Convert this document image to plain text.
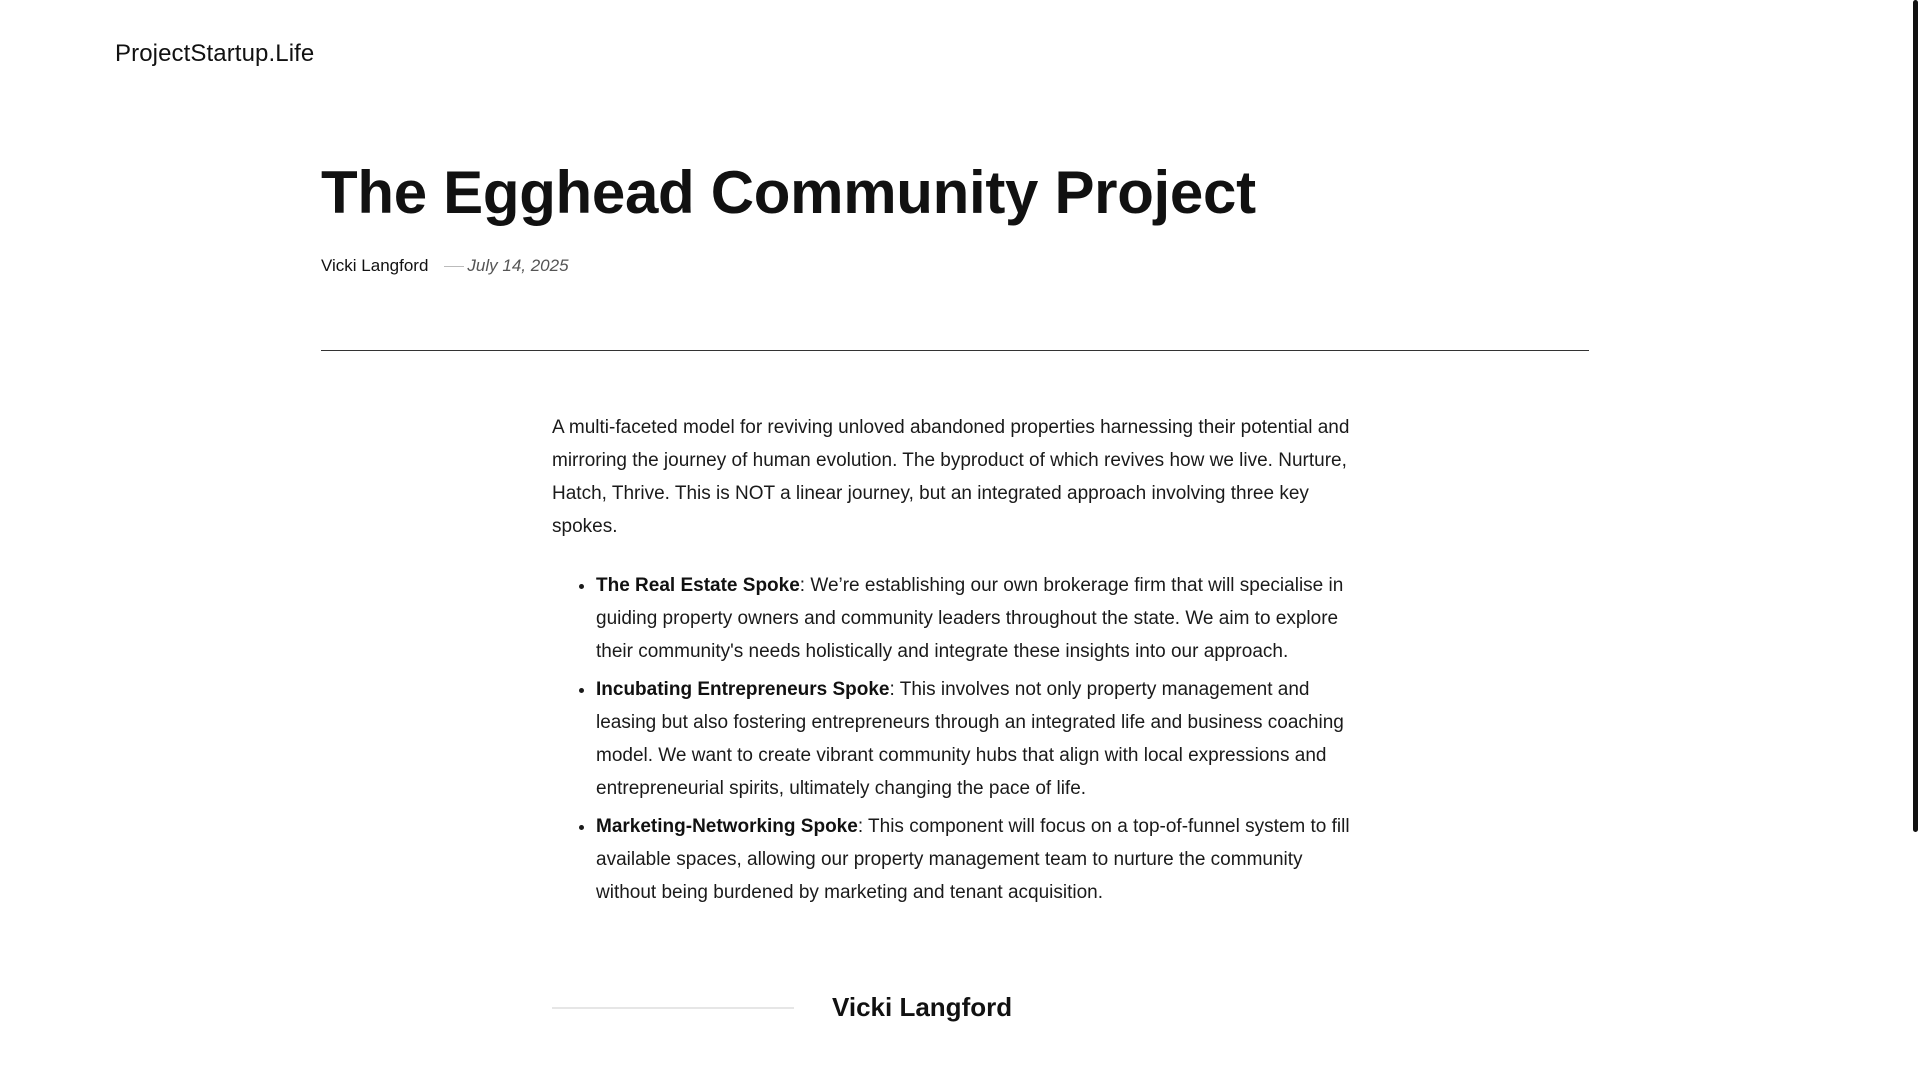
ProjectStartup.Life
The Egghead Community Project
Vicki Langford July 14, 2025

A multi-faceted model for reviving unloved abandoned properties harnessing their potential and mirroring the journey of human evolution. The byproduct of which revives how we live. Nurture, Hatch, Thrive. This is NOT a linear journey, but an integrated approach involving three key spokes.

• The Real Estate Spoke: We’re establishing our own brokerage firm that will specialise in guiding property owners and community leaders throughout the state. We aim to explore their community's needs holistically and integrate these insights into our approach.
• Incubating Entrepreneurs Spoke: This involves not only property management and leasing but also fostering entrepreneurs through an integrated life and business coaching model. We want to create vibrant community hubs that align with local expressions and entrepreneurial spirits, ultimately changing the pace of life.
• Marketing-Networking Spoke: This component will focus on a top-of-funnel system to fill available spaces, allowing our property management team to nurture the community without being burdened by marketing and tenant acquisition.
Vicki Langford
